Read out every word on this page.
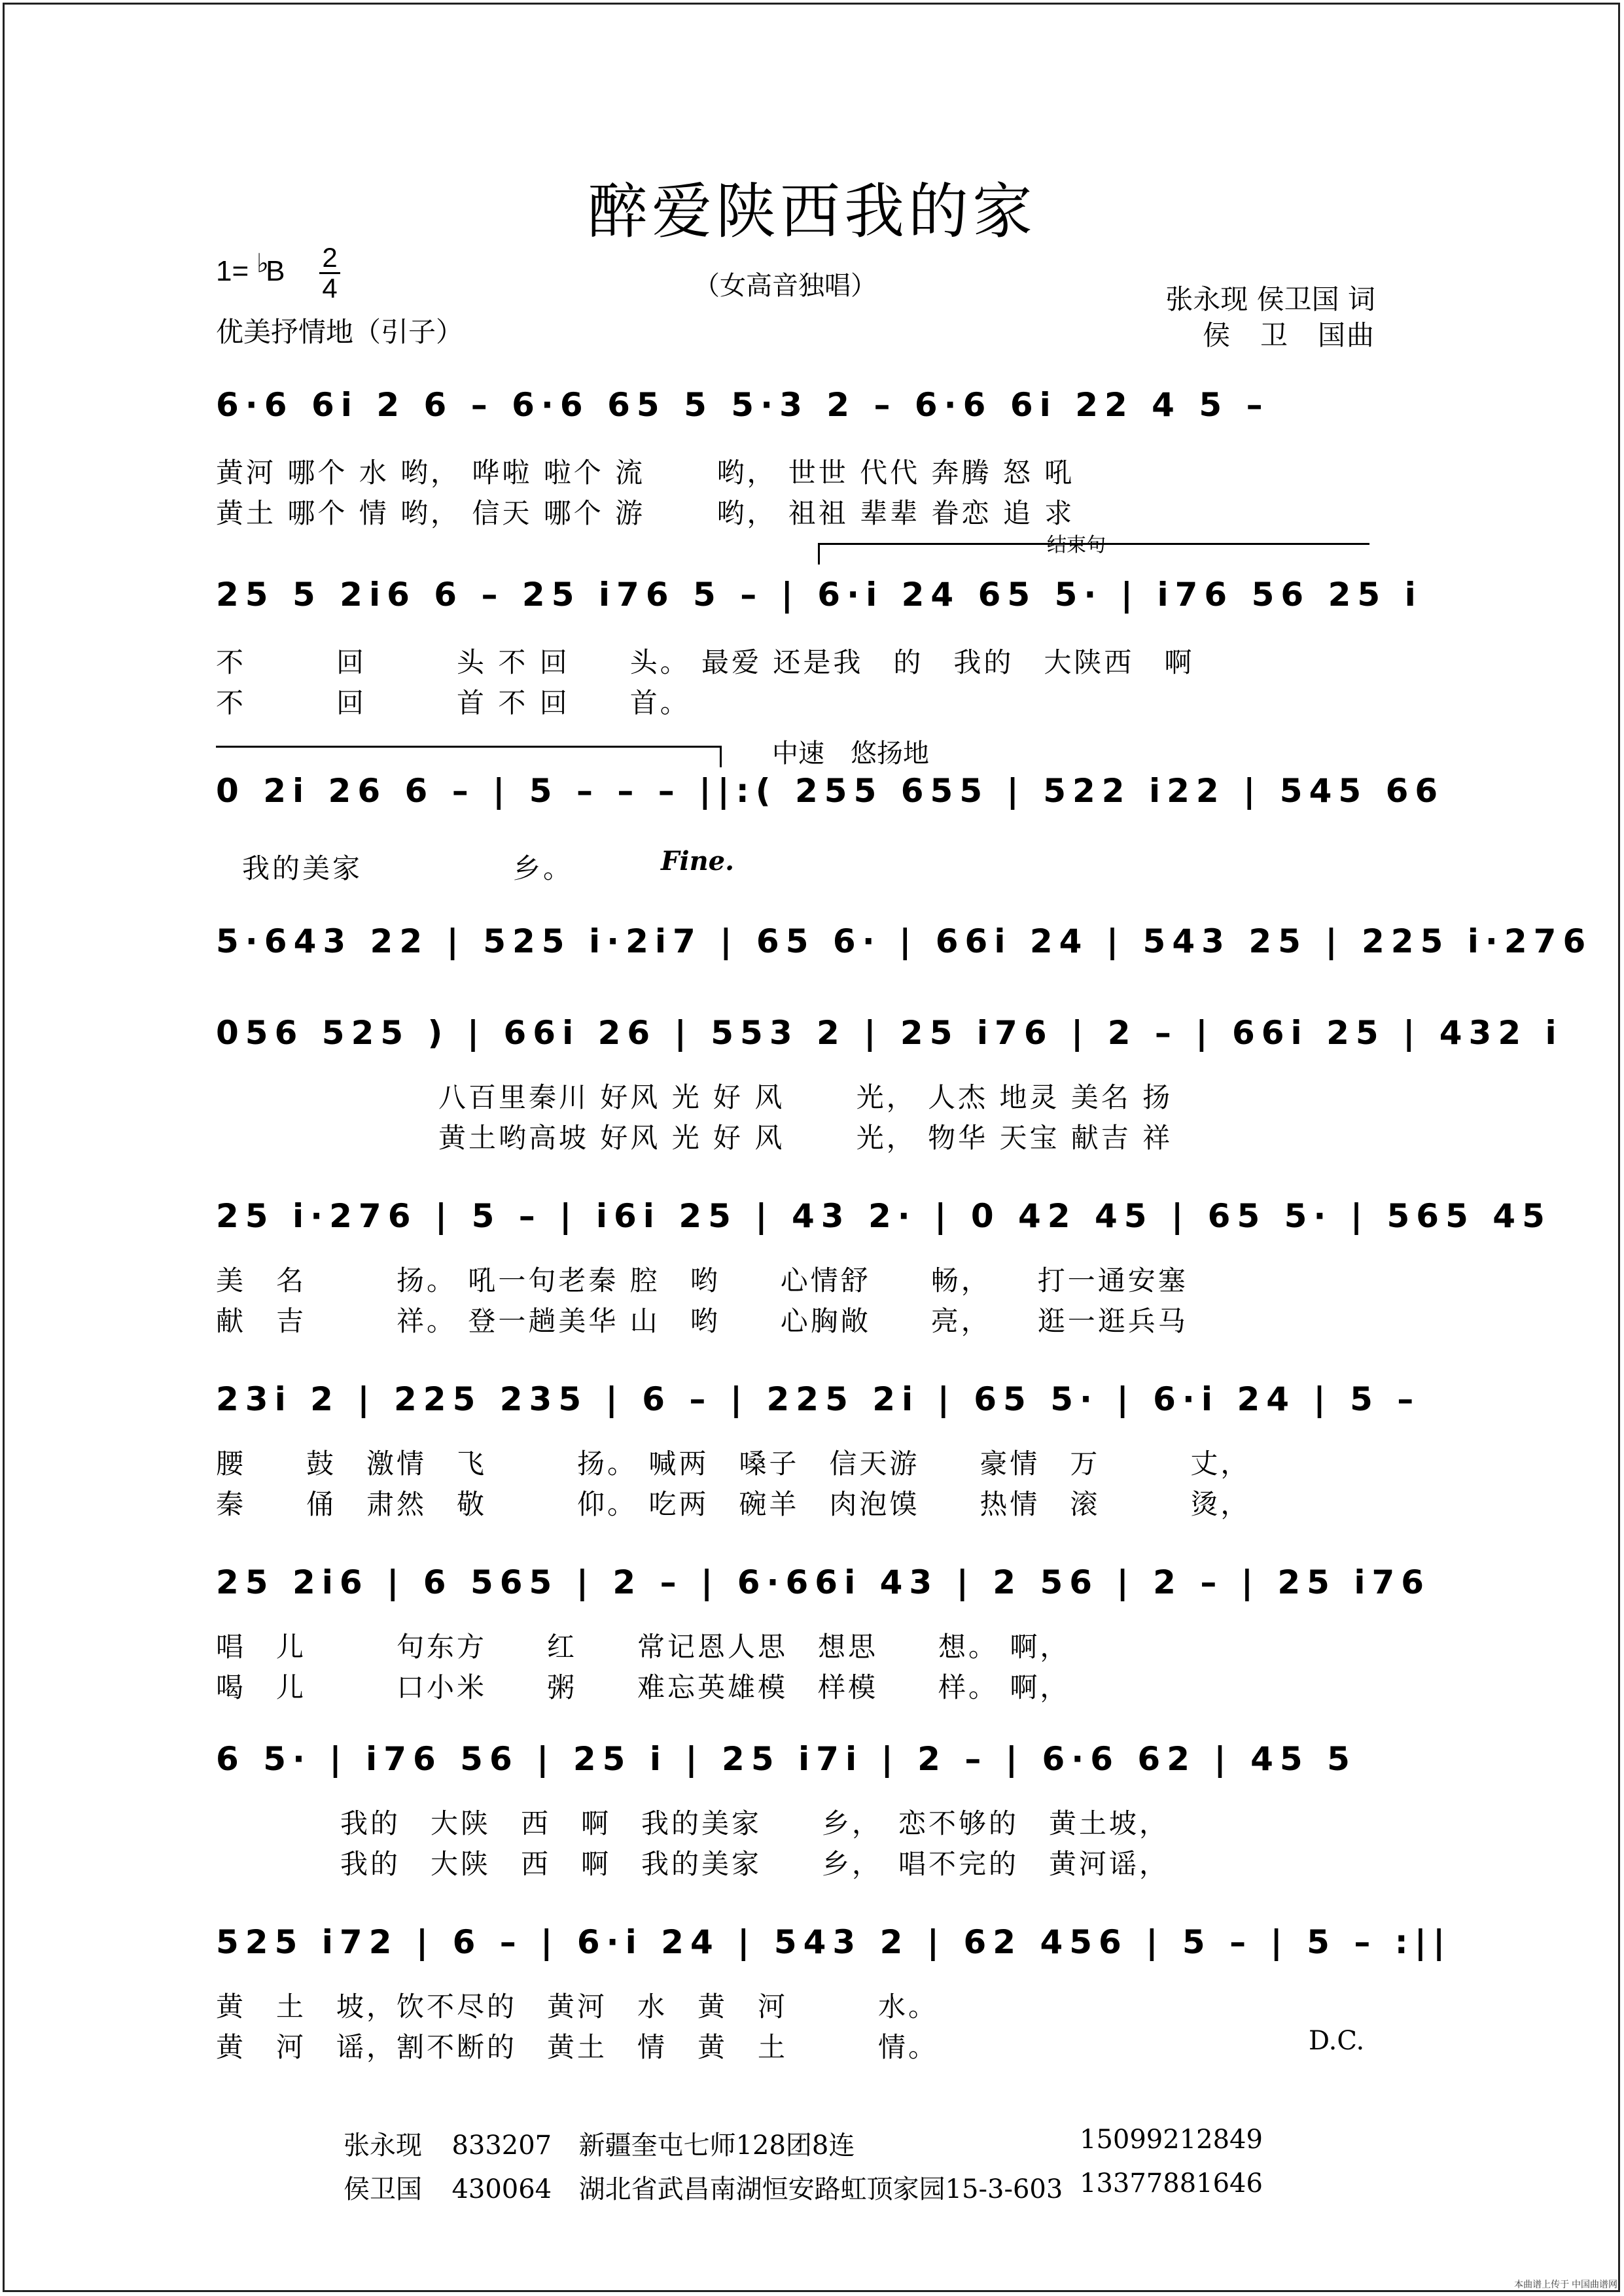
醉爱陕西我的家
1= B
♭ 2
4	（女高音独唱）
优美抒情地（引子）
张永现 侯卫国 词
侯　卫　国曲
6·6 6i 2 6 – 6·6 65 5 5·3 2 – 6·6 6i 22 4 5 –
黄河 哪个 水 哟， 哗啦 啦个 流　　 哟， 世世 代代 奔腾 怒 吼
黄土 哪个 情 哟， 信天 哪个 游　　 哟， 祖祖 辈辈 眷恋 追 求
结束句
25 5 2i6 6 – 25 i76 5 – | 6·i 24 65 5· | i76 56 25 i
不　　　回　　　头 不 回　　头。 最爱 还是我　的　我的　大陕西　啊
不　　　回　　　首 不 回　　首。
中速　悠扬地
0 2i 26 6 – | 5 – – – ||:( 255 655 | 522 i22 | 545 66
我的美家　　　　　乡。	Fine.
5·643 22 | 525 i·2i7 | 65 6· | 66i 24 | 543 25 | 225 i·276
056 525 ) | 66i 26 | 553 2 | 25 i76 | 2 – | 66i 25 | 432 i
八百里秦川 好风 光 好 风　　 光， 人杰 地灵 美名 扬
黄土哟高坡 好风 光 好 风　　 光， 物华 天宝 献吉 祥
25 i·276 | 5 – | i6i 25 | 43 2· | 0 42 45 | 65 5· | 565 45
美　名　　　扬。 吼一句老秦 腔　哟　　心情舒　　畅，　　打一通安塞
献　吉　　　祥。 登一趟美华 山　哟　　心胸敞　　亮，　　逛一逛兵马
23i 2 | 225 235 | 6 – | 225 2i | 65 5· | 6·i 24 | 5 –
腰　　鼓　激情　飞　　　扬。 喊两　嗓子　信天游　　豪情　万　　　丈，
秦　　俑　肃然　敬　　　仰。 吃两　碗羊　肉泡馍　　热情　滚　　　烫，
25 2i6 | 6 565 | 2 – | 6·66i 43 | 2 56 | 2 – | 25 i76
唱　儿　　　句东方　　红　　常记恩人思　想思　　想。 啊，
喝　儿　　　口小米　　粥　　难忘英雄模　样模　　样。 啊，
6 5· | i76 56 | 25 i | 25 i7i | 2 – | 6·6 62 | 45 5
我的　大陕　西　啊　我的美家　　乡，　恋不够的　黄土坡，
我的　大陕　西　啊　我的美家　　乡，　唱不完的　黄河谣，
525 i72 | 6 – | 6·i 24 | 543 2 | 62 456 | 5 – | 5 – :||
黄　土　坡，饮不尽的　黄河　水　黄　河　　　水。
黄　河　谣，割不断的　黄土　情　黄　土　　　情。	D.C.
张永现 833207 新疆奎屯七师128团8连	15099212849
侯卫国 430064 湖北省武昌南湖恒安路虹顶家园15-3-603 13377881646
本曲谱上传于 中国曲谱网
